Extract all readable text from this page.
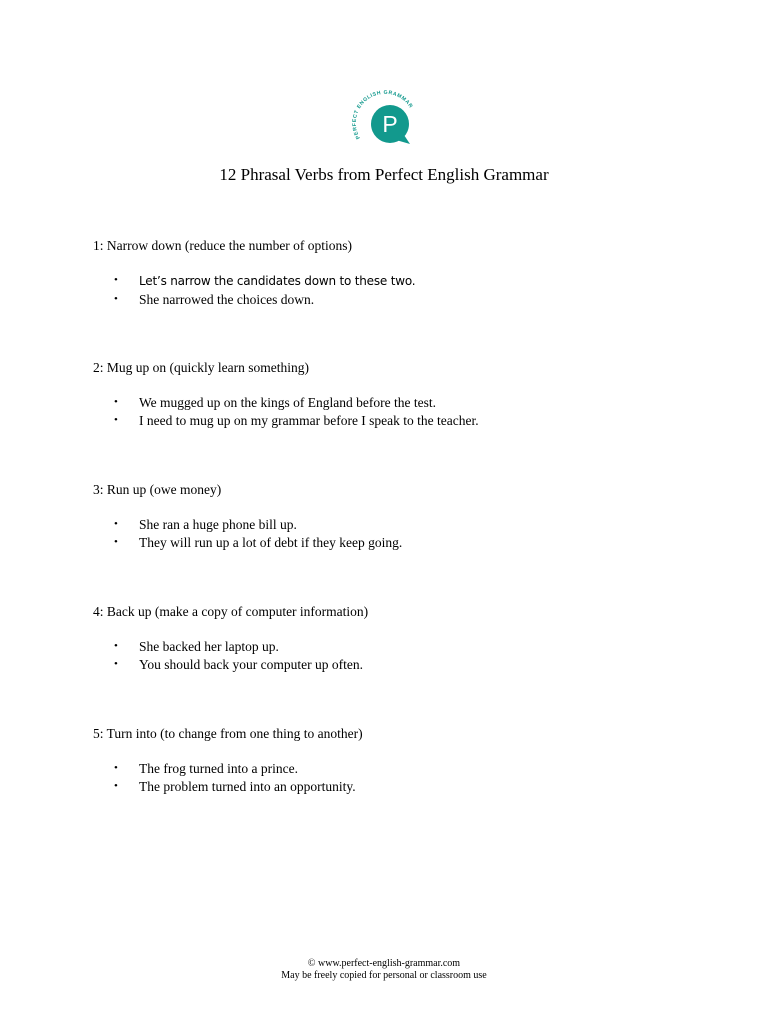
PERFECT ENGLISH GRAMMAR
P
12 Phrasal Verbs from Perfect English Grammar

1: Narrow down (reduce the number of options)

• Let’s narrow the candidates down to these two.
• She narrowed the choices down.

2: Mug up on (quickly learn something)

• We mugged up on the kings of England before the test.
• I need to mug up on my grammar before I speak to the teacher.

3: Run up (owe money)

• She ran a huge phone bill up.
• They will run up a lot of debt if they keep going.

4: Back up (make a copy of computer information)

• She backed her laptop up.
• You should back your computer up often.

5: Turn into (to change from one thing to another)

• The frog turned into a prince.
• The problem turned into an opportunity.
© www.perfect-english-grammar.com
May be freely copied for personal or classroom use
